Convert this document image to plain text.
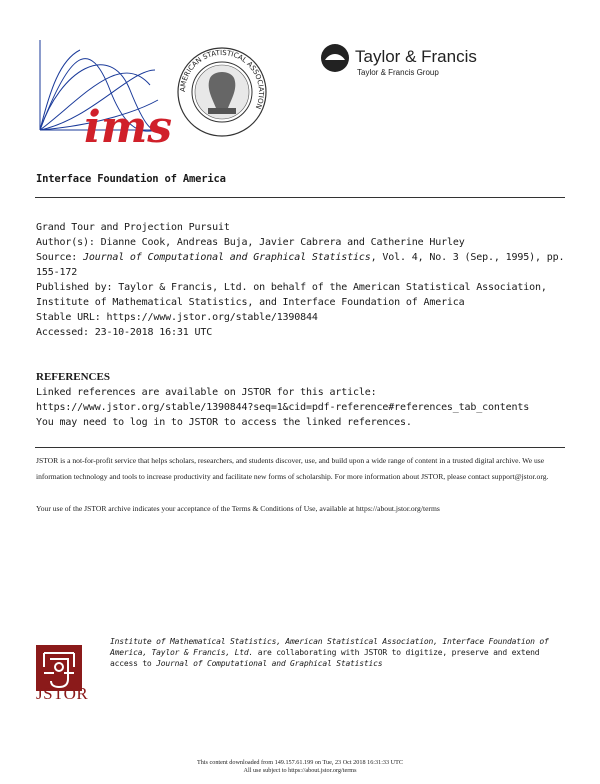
ims
AMERICAN STATISTICAL ASSOCIATION
Taylor & Francis
Taylor & Francis Group
Interface Foundation of America
Grand Tour and Projection Pursuit
Author(s): Dianne Cook, Andreas Buja, Javier Cabrera and Catherine Hurley
Source: Journal of Computational and Graphical Statistics, Vol. 4, No. 3 (Sep., 1995), pp.
155-172
Published by: Taylor & Francis, Ltd. on behalf of the American Statistical Association,
Institute of Mathematical Statistics, and Interface Foundation of America
Stable URL: https://www.jstor.org/stable/1390844
Accessed: 23-10-2018 16:31 UTC
REFERENCES
Linked references are available on JSTOR for this article:
https://www.jstor.org/stable/1390844?seq=1&cid=pdf-reference#references_tab_contents
You may need to log in to JSTOR to access the linked references.

JSTOR is a not-for-profit service that helps scholars, researchers, and students discover, use, and build upon a wide range of content in a trusted digital archive. We use information technology and tools to increase productivity and facilitate new forms of scholarship. For more information about JSTOR, please contact support@jstor.org.

Your use of the JSTOR archive indicates your acceptance of the Terms & Conditions of Use, available at https://about.jstor.org/terms

JSTOR
Institute of Mathematical Statistics, American Statistical Association, Interface Foundation of America, Taylor & Francis, Ltd. are collaborating with JSTOR to digitize, preserve and extend access to Journal of Computational and Graphical Statistics
This content downloaded from 149.157.61.199 on Tue, 23 Oct 2018 16:31:33 UTC
All use subject to https://about.jstor.org/terms
